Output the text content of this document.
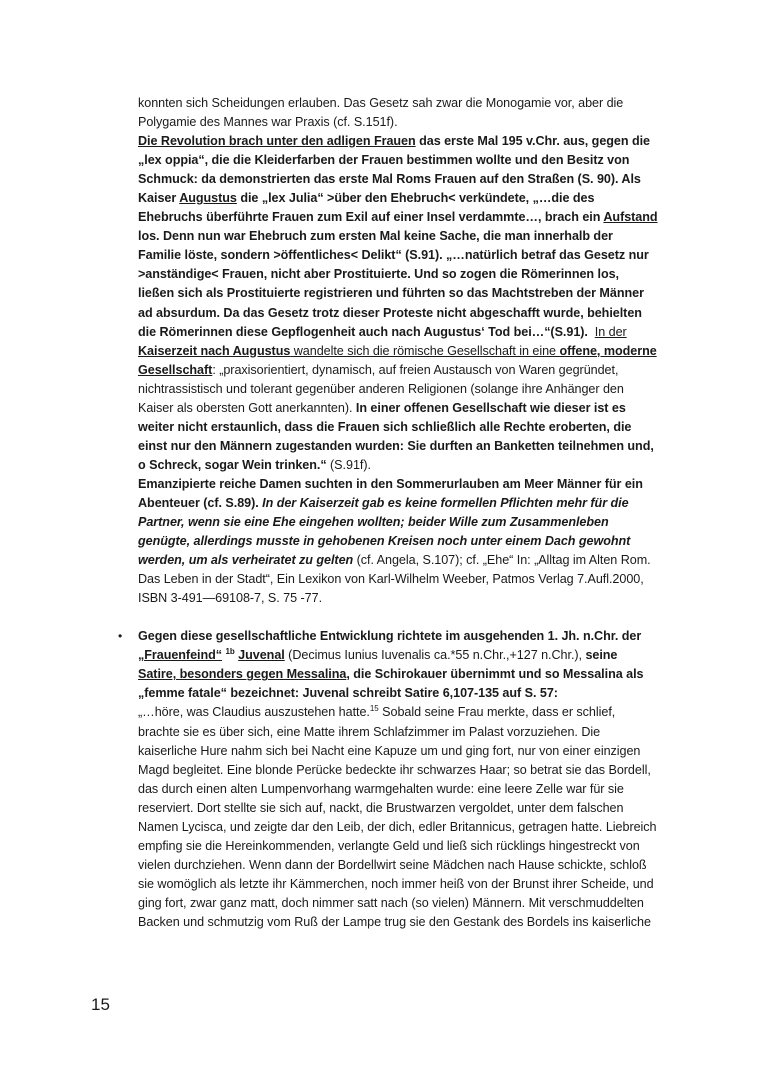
konnten sich Scheidungen erlauben. Das Gesetz sah zwar die Monogamie vor, aber die Polygamie des Mannes war Praxis (cf. S.151f).
Die Revolution brach unter den adligen Frauen das erste Mal 195 v.Chr. aus, gegen die „lex oppia“, die die Kleiderfarben der Frauen bestimmen wollte und den Besitz von Schmuck: da demonstrierten das erste Mal Roms Frauen auf den Straßen (S. 90). Als Kaiser Augustus die „lex Julia“ >über den Ehebruch< verkündete, „…die des Ehebruchs überführte Frauen zum Exil auf einer Insel verdammte…, brach ein Aufstand los. Denn nun war Ehebruch zum ersten Mal keine Sache, die man innerhalb der Familie löste, sondern >öffentliches< Delikt“ (S.91). „…natürlich betraf das Gesetz nur >anständige< Frauen, nicht aber Prostituierte. Und so zogen die Römerinnen los, ließen sich als Prostituierte registrieren und führten so das Machtstreben der Männer ad absurdum. Da das Gesetz trotz dieser Proteste nicht abgeschafft wurde, behielten die Römerinnen diese Gepflogenheit auch nach Augustus‘ Tod bei…“(S.91). In der Kaiserzeit nach Augustus wandelte sich die römische Gesellschaft in eine offene, moderne Gesellschaft: „praxisorientiert, dynamisch, auf freien Austausch von Waren gegründet, nichtrassistisch und tolerant gegenüber anderen Religionen (solange ihre Anhänger den Kaiser als obersten Gott anerkannten). In einer offenen Gesellschaft wie dieser ist es weiter nicht erstaunlich, dass die Frauen sich schließlich alle Rechte eroberten, die einst nur den Männern zugestanden wurden: Sie durften an Banketten teilnehmen und, o Schreck, sogar Wein trinken.“ (S.91f).
Emanzipierte reiche Damen suchten in den Sommerurlauben am Meer Männer für ein Abenteuer (cf. S.89). In der Kaiserzeit gab es keine formellen Pflichten mehr für die Partner, wenn sie eine Ehe eingehen wollten; beider Wille zum Zusammenleben genügte, allerdings musste in gehobenen Kreisen noch unter einem Dach gewohnt werden, um als verheiratet zu gelten (cf. Angela, S.107); cf. „Ehe“ In: „Alltag im Alten Rom. Das Leben in der Stadt“, Ein Lexikon von Karl-Wilhelm Weeber, Patmos Verlag 7.Aufl.2000, ISBN 3-491—69108-7, S. 75 -77.

• Gegen diese gesellschaftliche Entwicklung richtete im ausgehenden 1. Jh. n.Chr. der „Frauenfeind“ $^{1b}$ Juvenal (Decimus Iunius Iuvenalis ca.*55 n.Chr.,+127 n.Chr.), seine Satire, besonders gegen Messalina, die Schirokauer übernimmt und so Messalina als „femme fatale“ bezeichnet: Juvenal schreibt Satire 6,107-135 auf S. 57:
„…höre, was Claudius auszustehen hatte.$^{15}$ Sobald seine Frau merkte, dass er schlief, brachte sie es über sich, eine Matte ihrem Schlafzimmer im Palast vorzuziehen. Die kaiserliche Hure nahm sich bei Nacht eine Kapuze um und ging fort, nur von einer einzigen Magd begleitet. Eine blonde Perücke bedeckte ihr schwarzes Haar; so betrat sie das Bordell, das durch einen alten Lumpenvorhang warmgehalten wurde: eine leere Zelle war für sie reserviert. Dort stellte sie sich auf, nackt, die Brustwarzen vergoldet, unter dem falschen Namen Lycisca, und zeigte dar den Leib, der dich, edler Britannicus, getragen hatte. Liebreich empfing sie die Hereinkommenden, verlangte Geld und ließ sich rücklings hingestreckt von vielen durchziehen. Wenn dann der Bordellwirt seine Mädchen nach Hause schickte, schloß sie womöglich als letzte ihr Kämmerchen, noch immer heiß von der Brunst ihrer Scheide, und ging fort, zwar ganz matt, doch nimmer satt nach (so vielen) Männern. Mit verschmuddelten Backen und schmutzig vom Ruß der Lampe trug sie den Gestank des Bordels ins kaiserliche

15
